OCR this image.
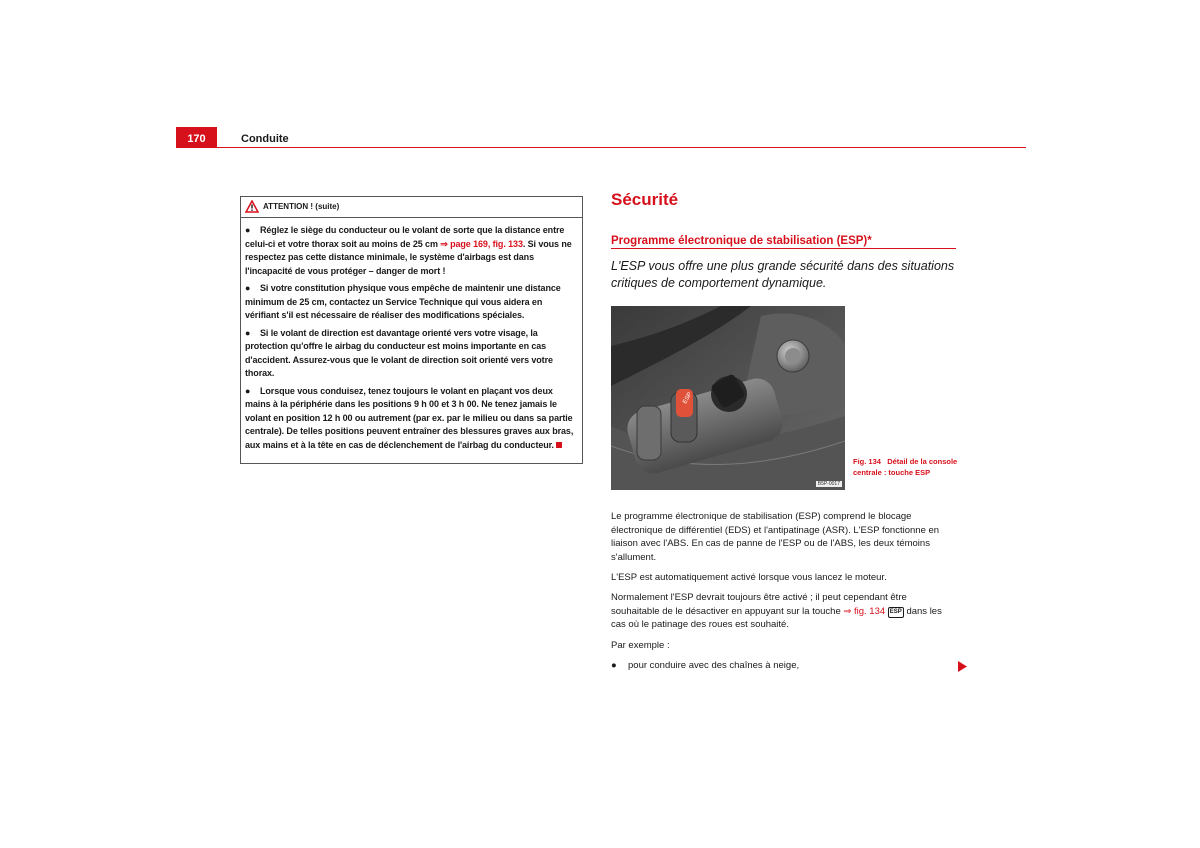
170	Conduite
ATTENTION ! (suite)
● Réglez le siège du conducteur ou le volant de sorte que la distance entre celui-ci et votre thorax soit au moins de 25 cm ⇒ page 169, fig. 133. Si vous ne respectez pas cette distance minimale, le système d'airbags est dans l'incapacité de vous protéger – danger de mort !
● Si votre constitution physique vous empêche de maintenir une distance minimum de 25 cm, contactez un Service Technique qui vous aidera en vérifiant s'il est nécessaire de réaliser des modifications spéciales.
● Si le volant de direction est davantage orienté vers votre visage, la protection qu'offre le airbag du conducteur est moins importante en cas d'accident. Assurez-vous que le volant de direction soit orienté vers votre thorax.
● Lorsque vous conduisez, tenez toujours le volant en plaçant vos deux mains à la périphérie dans les positions 9 h 00 et 3 h 00. Ne tenez jamais le volant en position 12 h 00 ou autrement (par ex. par le milieu ou dans sa partie centrale). De telles positions peuvent entraîner des blessures graves aux bras, aux mains et à la tête en cas de déclenchement de l'airbag du conducteur.
Sécurité
Programme électronique de stabilisation (ESP)*
L'ESP vous offre une plus grande sécurité dans des situations critiques de comportement dynamique.
ESP
B5P-0017
Fig. 134 Détail de la console centrale : touche ESP

Le programme électronique de stabilisation (ESP) comprend le blocage électronique de différentiel (EDS) et l'antipatinage (ASR). L'ESP fonctionne en liaison avec l'ABS. En cas de panne de l'ESP ou de l'ABS, les deux témoins s'allument.

L'ESP est automatiquement activé lorsque vous lancez le moteur.

Normalement l'ESP devrait toujours être activé ; il peut cependant être souhaitable de le désactiver en appuyant sur la touche ⇒ fig. 134 ESP dans les cas où le patinage des roues est souhaité.

Par exemple :

● pour conduire avec des chaînes à neige,
